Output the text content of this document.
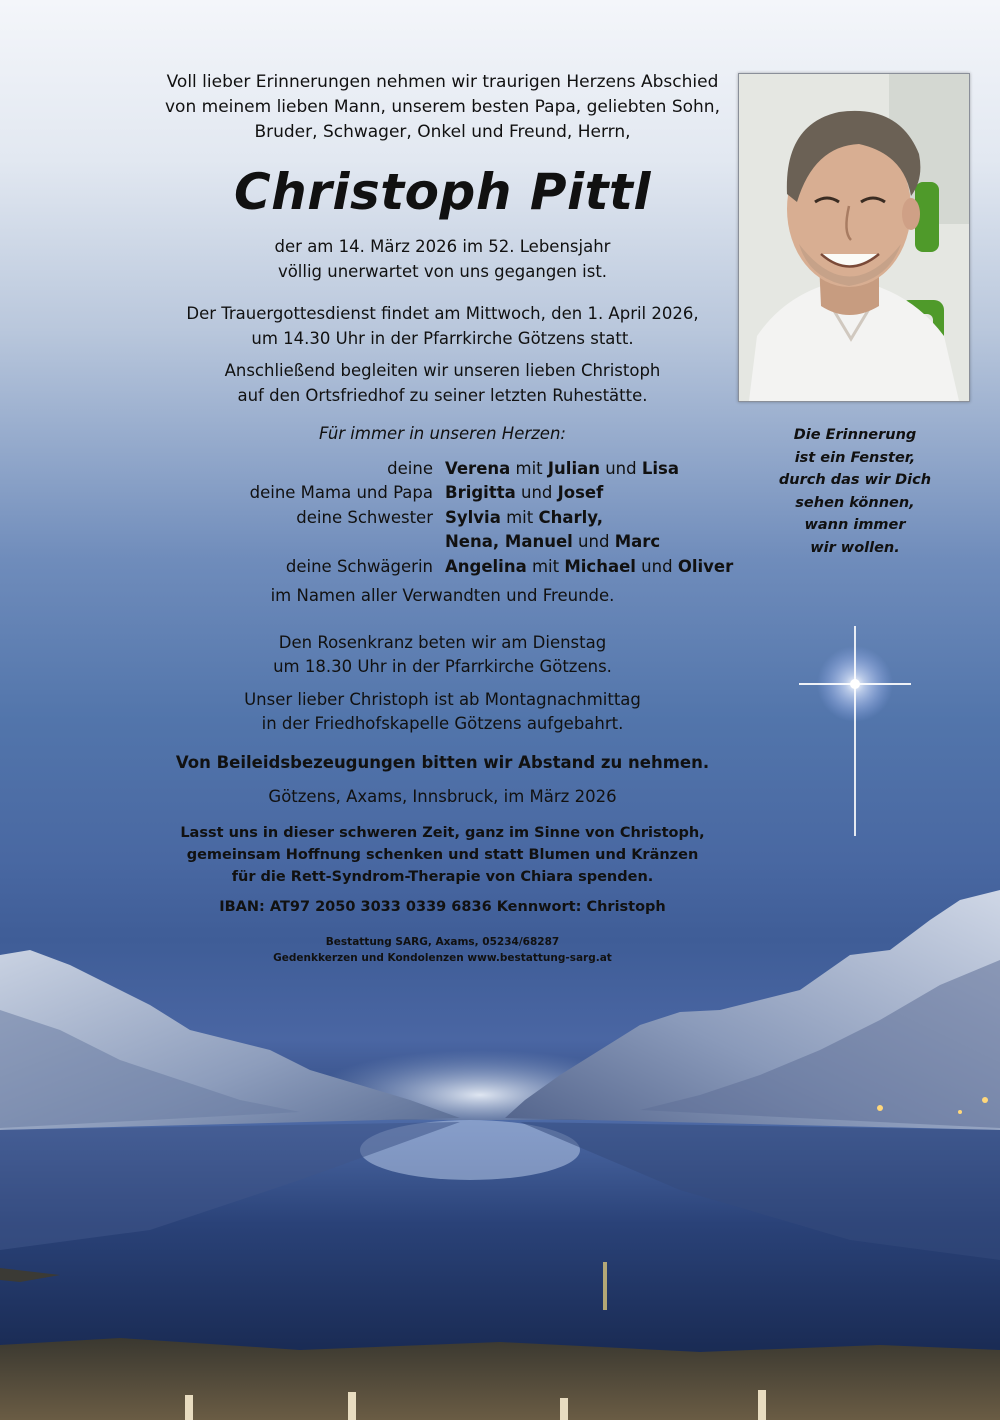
Die Erinnerung
ist ein Fenster,
durch das wir Dich
sehen können,
wann immer
wir wollen.
Voll lieber Erinnerungen nehmen wir traurigen Herzens Abschied
von meinem lieben Mann, unserem besten Papa, geliebten Sohn,
Bruder, Schwager, Onkel und Freund, Herrn,
Christoph Pittl
der am 14. März 2026 im 52. Lebensjahr
völlig unerwartet von uns gegangen ist.
Der Trauergottesdienst findet am Mittwoch, den 1. April 2026,
um 14.30 Uhr in der Pfarrkirche Götzens statt.
Anschließend begleiten wir unseren lieben Christoph
auf den Ortsfriedhof zu seiner letzten Ruhestätte.
Für immer in unseren Herzen:
deine Verena mit Julian und Lisa
deine Mama und Papa Brigitta und Josef
deine Schwester Sylvia mit Charly,
Nena, Manuel und Marc
deine Schwägerin Angelina mit Michael und Oliver
im Namen aller Verwandten und Freunde.
Den Rosenkranz beten wir am Dienstag
um 18.30 Uhr in der Pfarrkirche Götzens.
Unser lieber Christoph ist ab Montagnachmittag
in der Friedhofskapelle Götzens aufgebahrt.
Von Beileidsbezeugungen bitten wir Abstand zu nehmen.
Götzens, Axams, Innsbruck, im März 2026
Lasst uns in dieser schweren Zeit, ganz im Sinne von Christoph,
gemeinsam Hoffnung schenken und statt Blumen und Kränzen
für die Rett-Syndrom-Therapie von Chiara spenden.
IBAN: AT97 2050 3033 0339 6836 Kennwort: Christoph
Bestattung SARG, Axams, 05234/68287
Gedenkkerzen und Kondolenzen www.bestattung-sarg.at
